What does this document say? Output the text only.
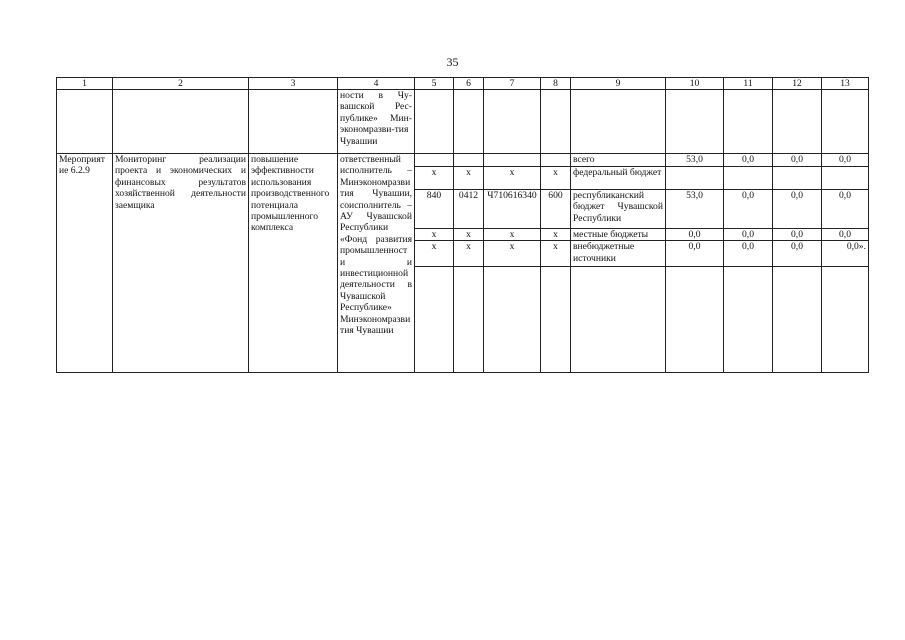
35
1	2	3	4	5	6	7	8	9	10	11	12	13
			ности в Чу-вашской Рес-публике» Мин-экономразви-тия Чувашии									
Мероприятие 6.2.9	Мониторинг реализации проекта и экономических и финансовых результатов хозяйственной деятельности заемщика	повышение эффективности использования производственного потенциала промышленного комплекса	ответственный исполнитель – Минэкономразвития Чувашии, соисполнитель – АУ Чувашской Республики «Фонд развития промышленности и инвестиционной деятельности в Чувашской Республике» Минэкономразвития Чувашии					всего	53,0	0,0	0,0	0,0
				x	x	x	x	федеральный бюджет				
				840	0412	Ч710616340	600	республиканский бюджет Чувашской Республики	53,0	0,0	0,0	0,0
				x	x	x	x	местные бюджеты	0,0	0,0	0,0	0,0
				x	x	x	x	внебюджетные источники	0,0	0,0	0,0	0,0».
